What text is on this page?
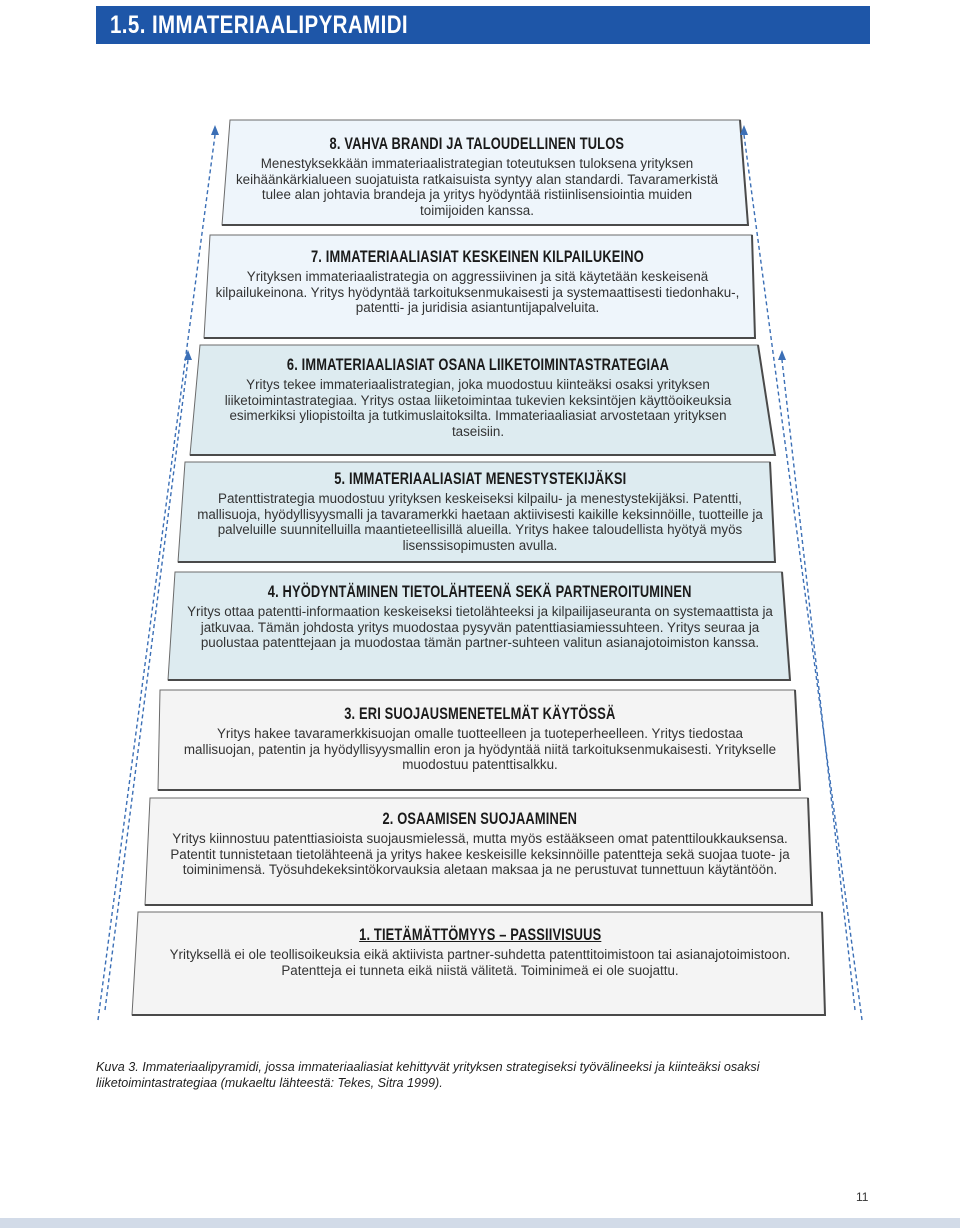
1.5. IMMATERIAALIPYRAMIDI
8. VAHVA BRANDI JA TALOUDELLINEN TULOS
Menestyksekkään immateriaalistrategian toteutuksen tuloksena yrityksen keihäänkärkialueen suojatuista ratkaisuista syntyy alan standardi. Tavaramerkistä tulee alan johtavia brandeja ja yritys hyödyntää ristiinlisensiointia muiden toimijoiden kanssa.
7. IMMATERIAALIASIAT KESKEINEN KILPAILUKEINO
Yrityksen immateriaalistrategia on aggressiivinen ja sitä käytetään keskeisenä kilpailukeinona. Yritys hyödyntää tarkoituksenmukaisesti ja systemaattisesti tiedonhaku-, patentti- ja juridisia asiantuntijapalveluita.
6. IMMATERIAALIASIAT OSANA LIIKETOIMINTASTRATEGIAA
Yritys tekee immateriaalistrategian, joka muodostuu kiinteäksi osaksi yrityksen liiketoimintastrategiaa. Yritys ostaa liiketoimintaa tukevien keksintöjen käyttöoikeuksia esimerkiksi yliopistoilta ja tutkimuslaitoksilta. Immateriaaliasiat arvostetaan yrityksen taseisiin.
5. IMMATERIAALIASIAT MENESTYSTEKIJÄKSI
Patenttistrategia muodostuu yrityksen keskeiseksi kilpailu- ja menestystekijäksi. Patentti, mallisuoja, hyödyllisyysmalli ja tavaramerkki haetaan aktiivisesti kaikille keksinnöille, tuotteille ja palveluille suunnitelluilla maantieteellisillä alueilla. Yritys hakee taloudellista hyötyä myös lisenssisopimusten avulla.
4. HYÖDYNTÄMINEN TIETOLÄHTEENÄ SEKÄ PARTNEROITUMINEN
Yritys ottaa patentti-informaation keskeiseksi tietolähteeksi ja kilpailijaseuranta on systemaattista ja jatkuvaa. Tämän johdosta yritys muodostaa pysyvän patenttiasiamiessuhteen. Yritys seuraa ja puolustaa patenttejaan ja muodostaa tämän partner-suhteen valitun asianajotoimiston kanssa.
3. ERI SUOJAUSMENETELMÄT KÄYTÖSSÄ
Yritys hakee tavaramerkkisuojan omalle tuotteelleen ja tuoteperheelleen. Yritys tiedostaa mallisuojan, patentin ja hyödyllisyysmallin eron ja hyödyntää niitä tarkoituksenmukaisesti. Yritykselle muodostuu patenttisalkku.
2. OSAAMISEN SUOJAAMINEN
Yritys kiinnostuu patenttiasioista suojausmielessä, mutta myös estääkseen omat patenttiloukkauksensa. Patentit tunnistetaan tietolähteenä ja yritys hakee keskeisille keksinnöille patentteja sekä suojaa tuote- ja toiminimensä. Työsuhdekeksintökorvauksia aletaan maksaa ja ne perustuvat tunnettuun käytäntöön.
1. TIETÄMÄTTÖMYYS – PASSIIVISUUS
Yrityksellä ei ole teollisoikeuksia eikä aktiivista partner-suhdetta patenttitoimistoon tai asianajotoimistoon. Patentteja ei tunneta eikä niistä välitetä. Toiminimeä ei ole suojattu.
Kuva 3. Immateriaalipyramidi, jossa immateriaaliasiat kehittyvät yrityksen strategiseksi työvälineeksi ja kiinteäksi osaksi liiketoimintastrategiaa (mukaeltu lähteestä: Tekes, Sitra 1999).
11
